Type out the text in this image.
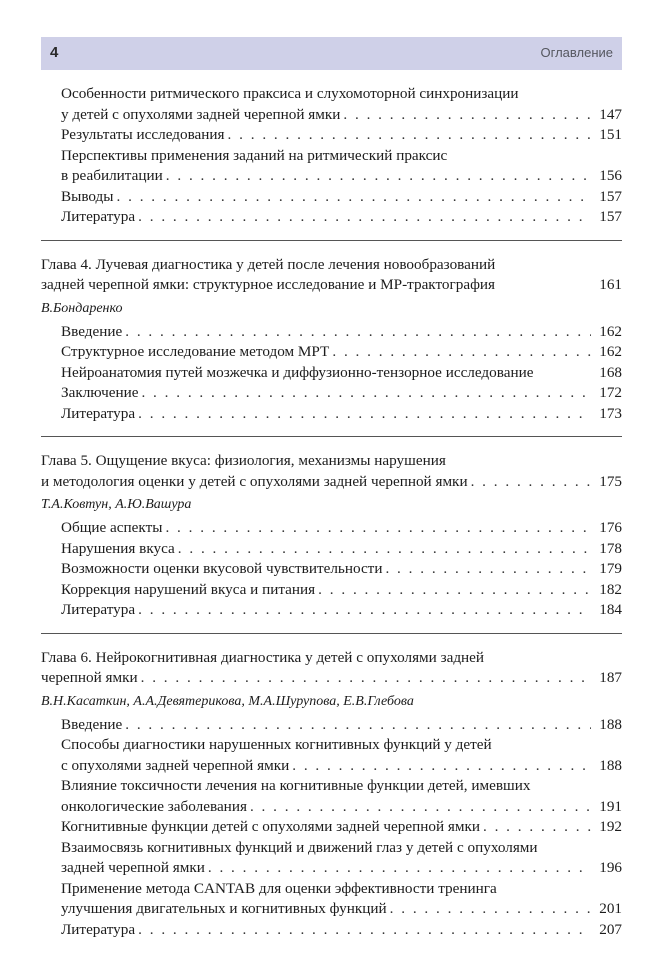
4	Оглавление
Особенности ритмического праксиса и слухомоторной синхронизации
у детей с опухолями задней черепной ямки . . .	147
Результаты исследования . . .	151
Перспективы применения заданий на ритмический праксис
в реабилитации . . .	156
Выводы . . .	157
Литература . . .	157
Глава 4. Лучевая диагностика у детей после лечения новообразований
задней черепной ямки: структурное исследование и МР-трактография	161
В.Бондаренко
Введение . . .	162
Структурное исследование методом МРТ . . .	162
Нейроанатомия путей мозжечка и диффузионно-тензорное исследование	168
Заключение . . .	172
Литература . . .	173
Глава 5. Ощущение вкуса: физиология, механизмы нарушения
и методология оценки у детей с опухолями задней черепной ямки . . .	175
Т.А.Ковтун, А.Ю.Вашура
Общие аспекты . . .	176
Нарушения вкуса . . .	178
Возможности оценки вкусовой чувствительности . . .	179
Коррекция нарушений вкуса и питания . . .	182
Литература . . .	184
Глава 6. Нейрокогнитивная диагностика у детей с опухолями задней
черепной ямки . . .	187
В.Н.Касаткин, А.А.Девятерикова, М.А.Шурупова, Е.В.Глебова
Введение . . .	188
Способы диагностики нарушенных когнитивных функций у детей
с опухолями задней черепной ямки . . .	188
Влияние токсичности лечения на когнитивные функции детей, имевших
онкологические заболевания . . .	191
Когнитивные функции детей с опухолями задней черепной ямки . . .	192
Взаимосвязь когнитивных функций и движений глаз у детей с опухолями
задней черепной ямки . . .	196
Применение метода CANTAB для оценки эффективности тренинга
улучшения двигательных и когнитивных функций . . .	201
Литература . . .	207
